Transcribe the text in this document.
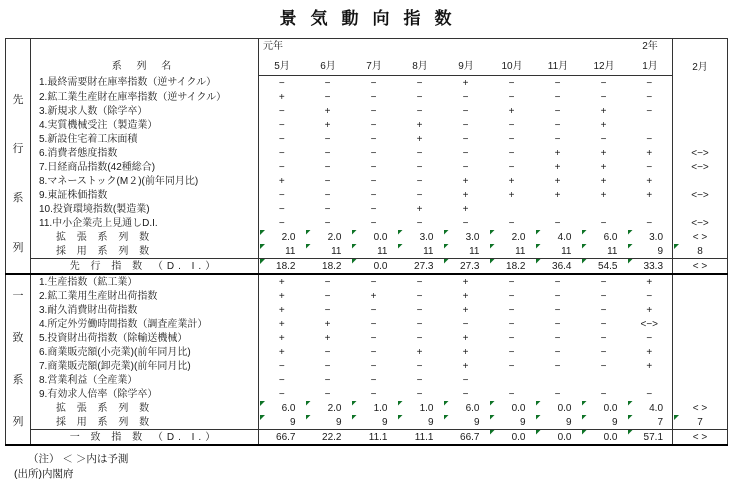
景気動向指数
	系 列 名	元年 2年									2月
		5月 6月 7月 8月 9月 10月 11月 12月 1月									

先
行
系
列	1.最終需要財在庫率指数（逆サイクル）	−	−	−	−	+	−	−	−	−	
	2.鉱工業生産財在庫率指数（逆サイクル）	+	−	−	−	−	−	−	−	−	
	3.新規求人数（除学卒）	−	+	−	−	−	+	−	+	−	
	4.実質機械受注（製造業）	−	+	−	+	−	−	−	+		
	5.新設住宅着工床面積	−	−	−	+	−	−	−	−	−	
	6.消費者態度指数	−	−	−	−	−	−	+	+	+	<−>
	7.日経商品指数(42種総合)	−	−	−	−	−	−	+	+	−	<−>
	8.マネーストック(M２)(前年同月比)	+	−	−	−	+	+	+	+	+	
	9.東証株価指数	−	−	−	−	+	+	+	+	+	<−>
	10.投資環境指数(製造業)	−	−	−	+	+					
	11.中小企業売上見通しD.I.	−	−	−	−	−	−	−	−	−	<−>
	拡 張 系 列 数	2.0	2.0	0.0	3.0	3.0	2.0	4.0	6.0	3.0	< >
	採 用 系 列 数	11	11	11	11	11	11	11	11	9	8
	先 行 指 数 （D. I.）	18.2	18.2	0.0	27.3	27.3	18.2	36.4	54.5	33.3	< >

一
致
系
列	1.生産指数（鉱工業）	+	−	−	−	+	−	−	−	+	
	2.鉱工業用生産財出荷指数	+	−	+	−	+	−	−	−	−	
	3.耐久消費財出荷指数	+	−	−	−	+	−	−	−	+	
	4.所定外労働時間指数（調査産業計）	+	+	−	−	−	−	−	−	<−>	
	5.投資財出荷指数（除輸送機械）	+	+	−	−	+	−	−	−	−	
	6.商業販売額(小売業)(前年同月比)	+	−	−	+	+	−	−	−	+	
	7.商業販売額(卸売業)(前年同月比)	−	−	−	−	+	−	−	−	+	
	8.営業利益（全産業）	−	−	−	−	−					
	9.有効求人倍率（除学卒）	−	−	−	−	−	−	−	−	−	
	拡 張 系 列 数	6.0	2.0	1.0	1.0	6.0	0.0	0.0	0.0	4.0	< >
	採 用 系 列 数	9	9	9	9	9	9	9	9	7	7
	一 致 指 数 （D. I.）	66.7	22.2	11.1	11.1	66.7	0.0	0.0	0.0	57.1	< >
（注） ＜ ＞内は予測
(出所)内閣府
